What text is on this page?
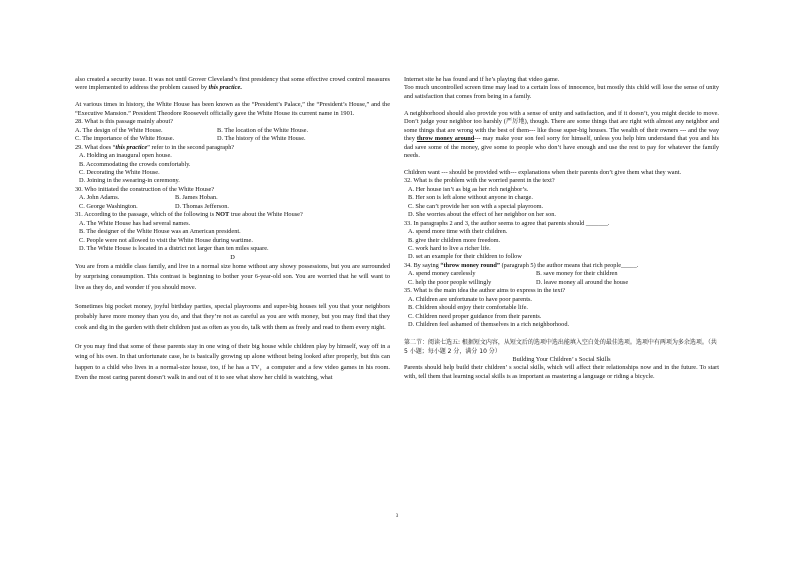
also created a security issue. It was not until Grover Cleveland’s first presidency that some effective crowd control measures were implemented to address the problem caused by this practice.

At various times in history, the White House has been known as the “President’s Palace,” the “President’s House,” and the “Executive Mansion.” President Theodore Roosevelt officially gave the White House its current name in 1901.

28. What is this passage mainly about?

A. The design of the White House.	B. The location of the White House.

C. The importance of the White House.	D. The history of the White House.

29. What does “this practice” refer to in the second paragraph?

A. Holding an inaugural open house.

B. Accommodating the crowds comfortably.

C. Decorating the White House.

D. Joining in the swearing-in ceremony.

30. Who initiated the construction of the White House?

A. John Adams.	B. James Hoban.

C. George Washington.	D. Thomas Jefferson.

31. According to the passage, which of the following is NOT true about the White House?

A. The White House has had several names.

B. The designer of the White House was an American president.

C. People were not allowed to visit the White House during wartime.

D. The White House is located in a district not larger than ten miles square.

D

You are from a middle class family, and live in a normal size home without any showy possessions, but you are surrounded by surprising consumption. This contrast is beginning to bother your 6-year-old son. You are worried that he will want to live as they do, and wonder if you should move.

Sometimes big pocket money, joyful birthday parties, special playrooms and super-big houses tell you that your neighbors probably have more money than you do, and that they’re not as careful as you are with money, but you may find that they cook and dig in the garden with their children just as often as you do, talk with them as freely and read to them every night.

Or you may find that some of these parents stay in one wing of their big house while children play by himself, way off in a wing of his own. In that unfortunate case, he is basically growing up alone without being looked after properly, but this can happen to a child who lives in a normal-size house, too, if he has a TV，a computer and a few video games in his room. Even the most caring parent doesn’t walk in and out of it to see what show her child is watching, what

Internet site he has found and if he’s playing that video game.

Too much uncontrolled screen time may lead to a certain loss of innocence, but mostly this child will lose the sense of unity and satisfaction that comes from being in a family.

A neighborhood should also provide you with a sense of unity and satisfaction, and if it doesn’t, you might decide to move. Don’t judge your neighbor too harshly (严厉地), though. There are some things that are right with almost any neighbor and some things that are wrong with the best of them--- like those super-big houses. The wealth of their owners --- and the way they throw money around--- may make your son feel sorry for himself, unless you help him understand that you and his dad save some of the money, give some to people who don’t have enough and use the rest to pay for whatever the family needs.

Children want --- should be provided with--- explanations when their parents don’t give them what they want.

32. What is the problem with the worried parent in the text?

A. Her house isn’t as big as her rich neighbor’s.

B. Her son is left alone without anyone in charge.

C. She can’t provide her son with a special playroom.

D. She worries about the effect of her neighbor on her son.

33. In paragraphs 2 and 3, the author seems to agree that parents should _______.

A. spend more time with their children.

B. give their children more freedom.

C. work hard to live a richer life.

D. set an example for their children to follow

34. By saying “throw money round” (paragraph 5) the author means that rich people_____.

A. spend money carelessly	B. save money for their children

C. help the poor people willingly	D. leave money all around the house

35. What is the main idea the author aims to express in the text?

A. Children are unfortunate to have poor parents.

B. Children should enjoy their comfortable life.

C. Children need proper guidance from their parents.

D. Children feel ashamed of themselves in a rich neighborhood.

第二节：阅读七选五: 根据短文内容，从短文后的选项中选出能填入空白处的最佳选项。选项中有两项为多余选项。（共 5 小题；每小题 2 分，满分 10 分）

Building Your Children’ s Social Skills

Parents should help build their children’ s social skills, which will affect their relationships now and in the future. To start with, tell them that learning social skills is as important as mastering a language or riding a bicycle.

3
